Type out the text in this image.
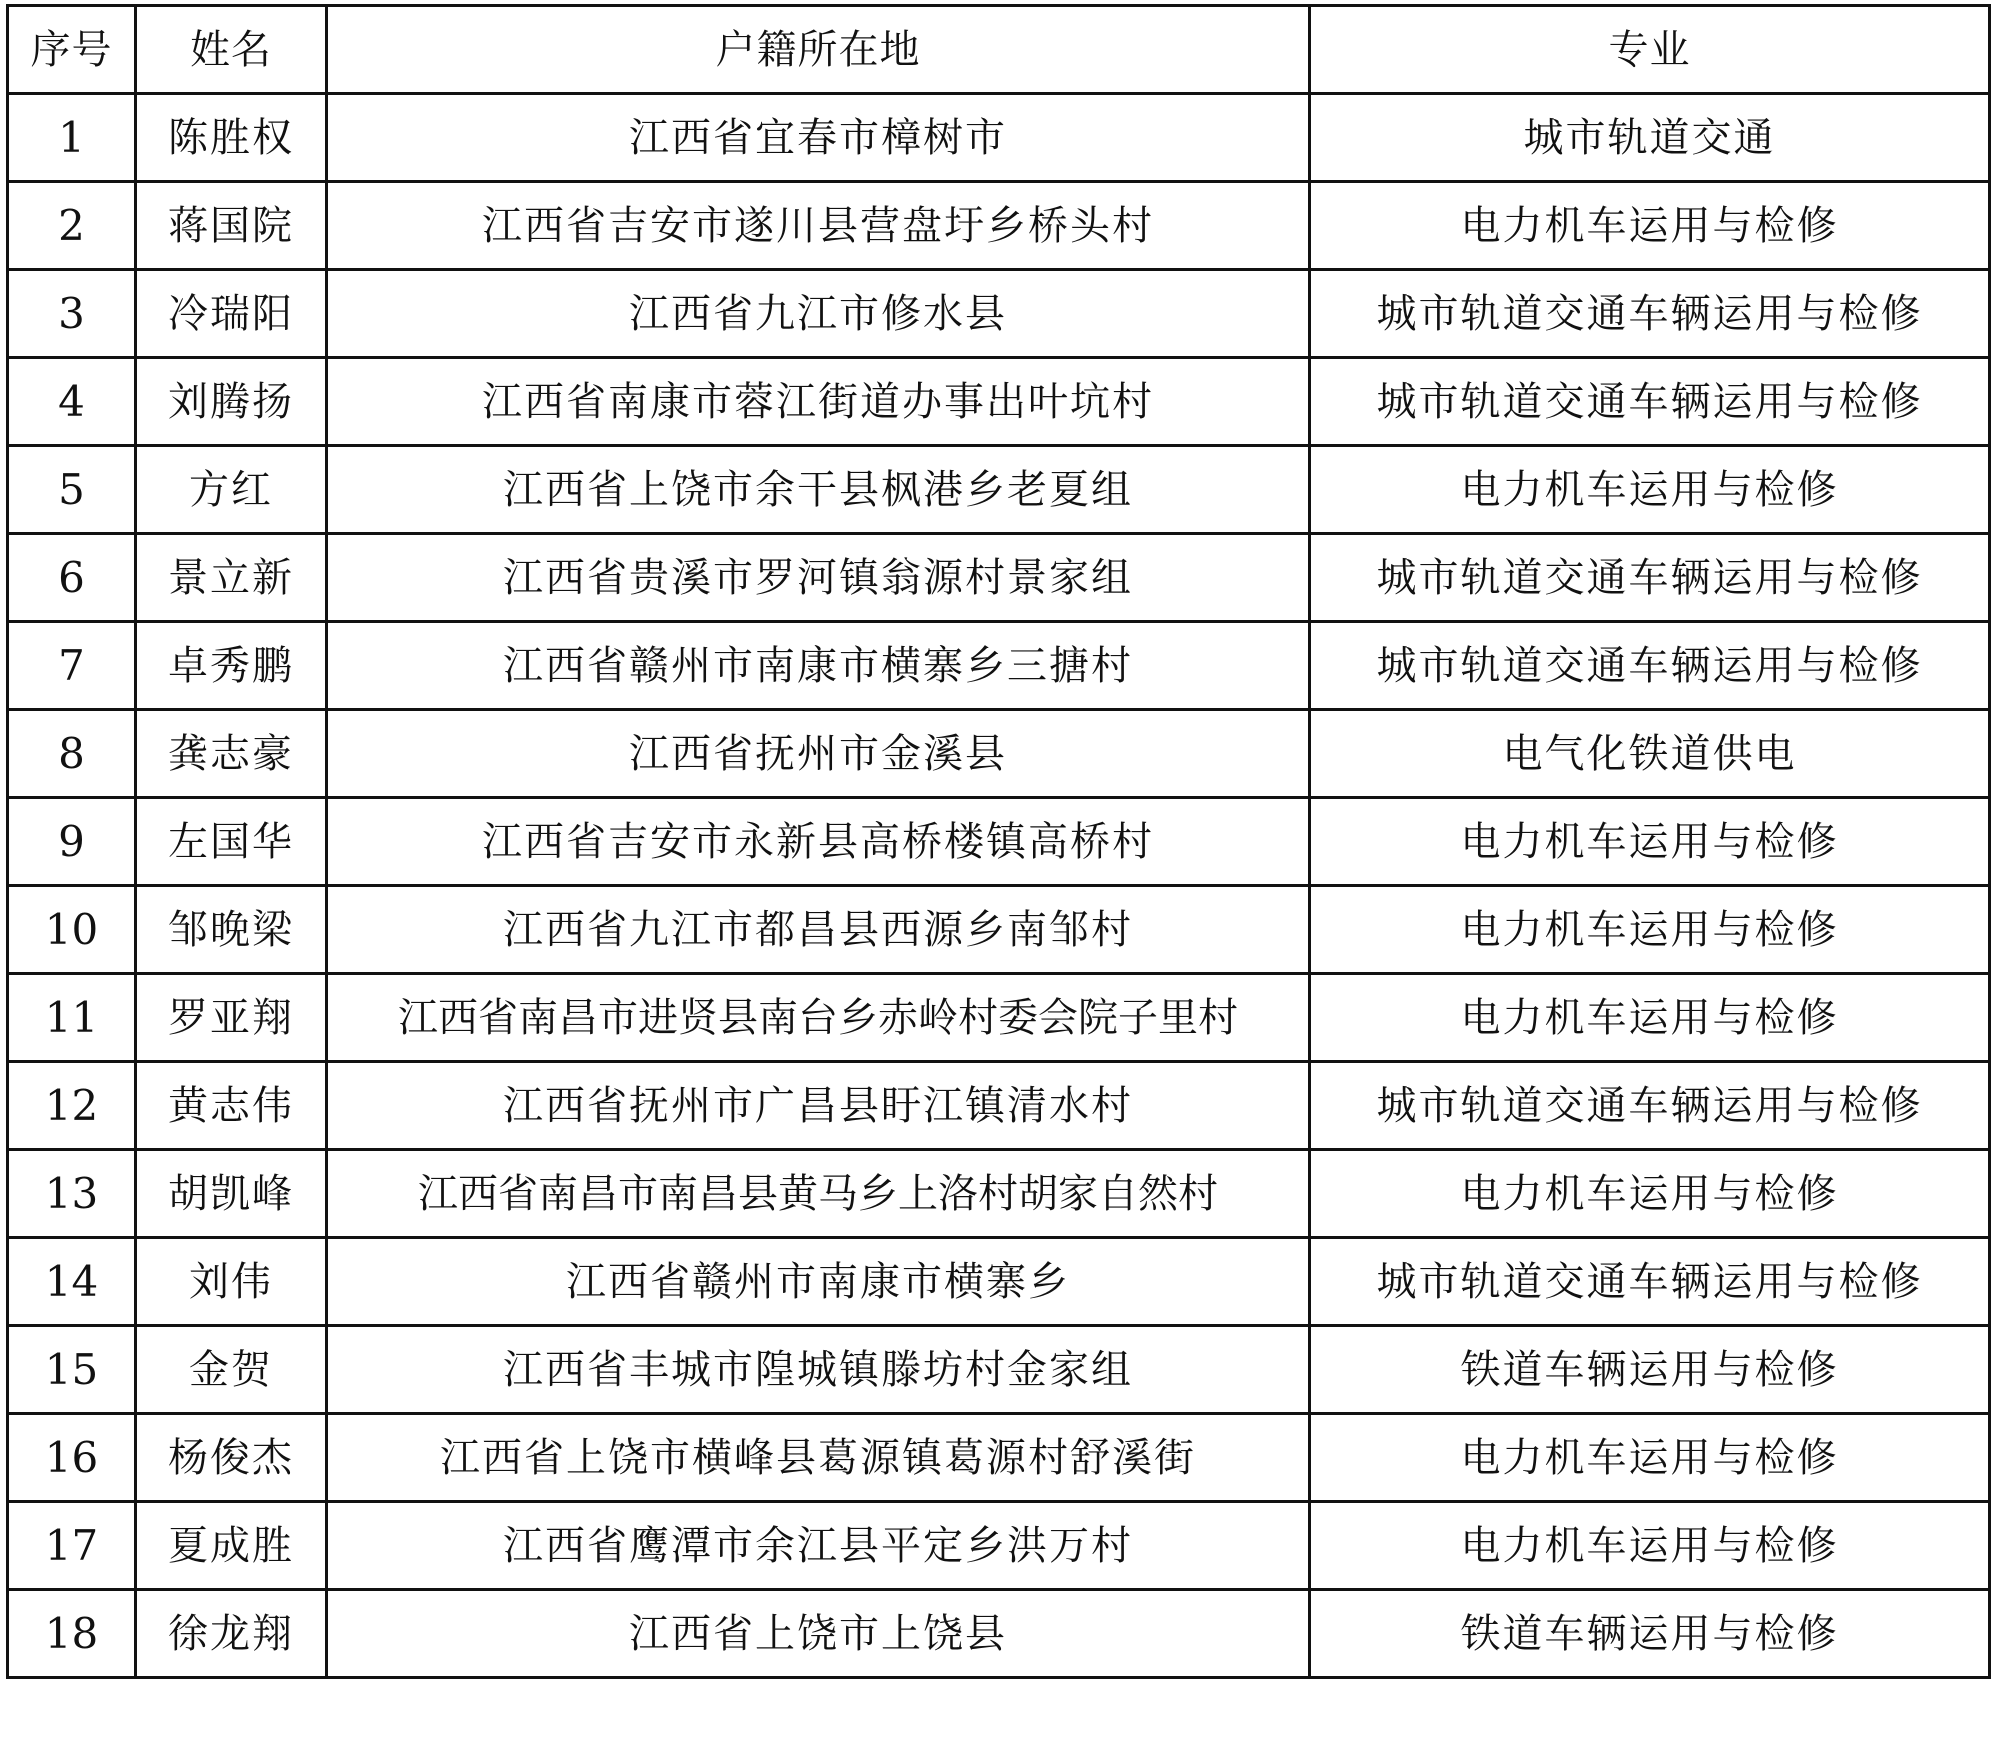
序号	姓名	户籍所在地	专业
1	陈胜权	江西省宜春市樟树市	城市轨道交通
2	蒋国院	江西省吉安市遂川县营盘圩乡桥头村	电力机车运用与检修
3	冷瑞阳	江西省九江市修水县	城市轨道交通车辆运用与检修
4	刘腾扬	江西省南康市蓉江街道办事出叶坑村	城市轨道交通车辆运用与检修
5	方红	江西省上饶市余干县枫港乡老夏组	电力机车运用与检修
6	景立新	江西省贵溪市罗河镇翁源村景家组	城市轨道交通车辆运用与检修
7	卓秀鹏	江西省赣州市南康市横寨乡三搪村	城市轨道交通车辆运用与检修
8	龚志豪	江西省抚州市金溪县	电气化铁道供电
9	左国华	江西省吉安市永新县高桥楼镇高桥村	电力机车运用与检修
10	邹晚梁	江西省九江市都昌县西源乡南邹村	电力机车运用与检修
11	罗亚翔	江西省南昌市进贤县南台乡赤岭村委会院子里村	电力机车运用与检修
12	黄志伟	江西省抚州市广昌县盱江镇清水村	城市轨道交通车辆运用与检修
13	胡凯峰	江西省南昌市南昌县黄马乡上洛村胡家自然村	电力机车运用与检修
14	刘伟	江西省赣州市南康市横寨乡	城市轨道交通车辆运用与检修
15	金贺	江西省丰城市隍城镇滕坊村金家组	铁道车辆运用与检修
16	杨俊杰	江西省上饶市横峰县葛源镇葛源村舒溪街	电力机车运用与检修
17	夏成胜	江西省鹰潭市余江县平定乡洪万村	电力机车运用与检修
18	徐龙翔	江西省上饶市上饶县	铁道车辆运用与检修
